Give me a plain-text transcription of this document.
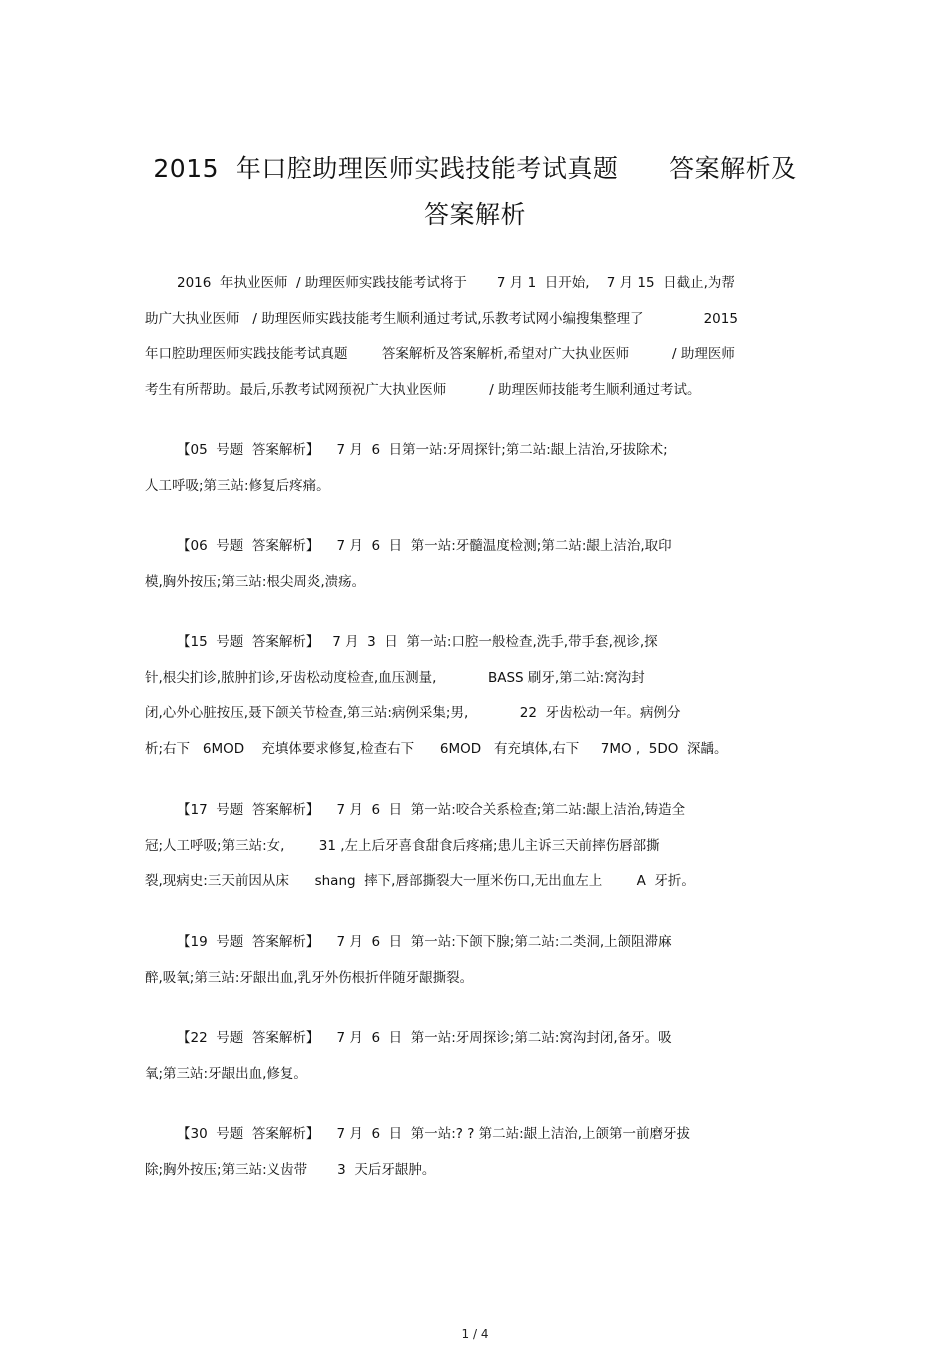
2015  年口腔助理医师实践技能考试真题      答案解析及
答案解析
2016  年执业医师  / 助理医师实践技能考试将于       7 月 1  日开始,    7 月 15  日截止,为帮
助广大执业医师   / 助理医师实践技能考生顺利通过考试,乐教考试网小编搜集整理了              2015
年口腔助理医师实践技能考试真题        答案解析及答案解析,希望对广大执业医师          / 助理医师
考生有所帮助。最后,乐教考试网预祝广大执业医师          / 助理医师技能考生顺利通过考试。
【05  号题  答案解析】    7 月  6  日第一站:牙周探针;第二站:龈上洁治,牙拔除术;
人工呼吸;第三站:修复后疼痛。
【06  号题  答案解析】    7 月  6  日  第一站:牙髓温度检测;第二站:龈上洁治,取印
模,胸外按压;第三站:根尖周炎,溃疡。
【15  号题  答案解析】   7 月  3  日  第一站:口腔一般检查,洗手,带手套,视诊,探
针,根尖扪诊,脓肿扪诊,牙齿松动度检查,血压测量,            BASS 刷牙,第二站:窝沟封
闭,心外心脏按压,聂下颌关节检查,第三站:病例采集;男,            22  牙齿松动一年。病例分
析;右下   6MOD    充填体要求修复,检查右下      6MOD   有充填体,右下     7MO ,  5DO  深龋。
【17  号题  答案解析】    7 月  6  日  第一站:咬合关系检查;第二站:龈上洁治,铸造全
冠;人工呼吸;第三站:女,        31 ,左上后牙喜食甜食后疼痛;患儿主诉三天前摔伤唇部撕
裂,现病史:三天前因从床      shang  摔下,唇部撕裂大一厘米伤口,无出血左上        A  牙折。
【19  号题  答案解析】    7 月  6  日  第一站:下颌下腺;第二站:二类洞,上颌阻滞麻
醉,吸氧;第三站:牙龈出血,乳牙外伤根折伴随牙龈撕裂。
【22  号题  答案解析】    7 月  6  日  第一站:牙周探诊;第二站:窝沟封闭,备牙。吸
氧;第三站:牙龈出血,修复。
【30  号题  答案解析】    7 月  6  日  第一站:? ? 第二站:龈上洁治,上颌第一前磨牙拔
除;胸外按压;第三站:义齿带       3  天后牙龈肿。
1 / 4
